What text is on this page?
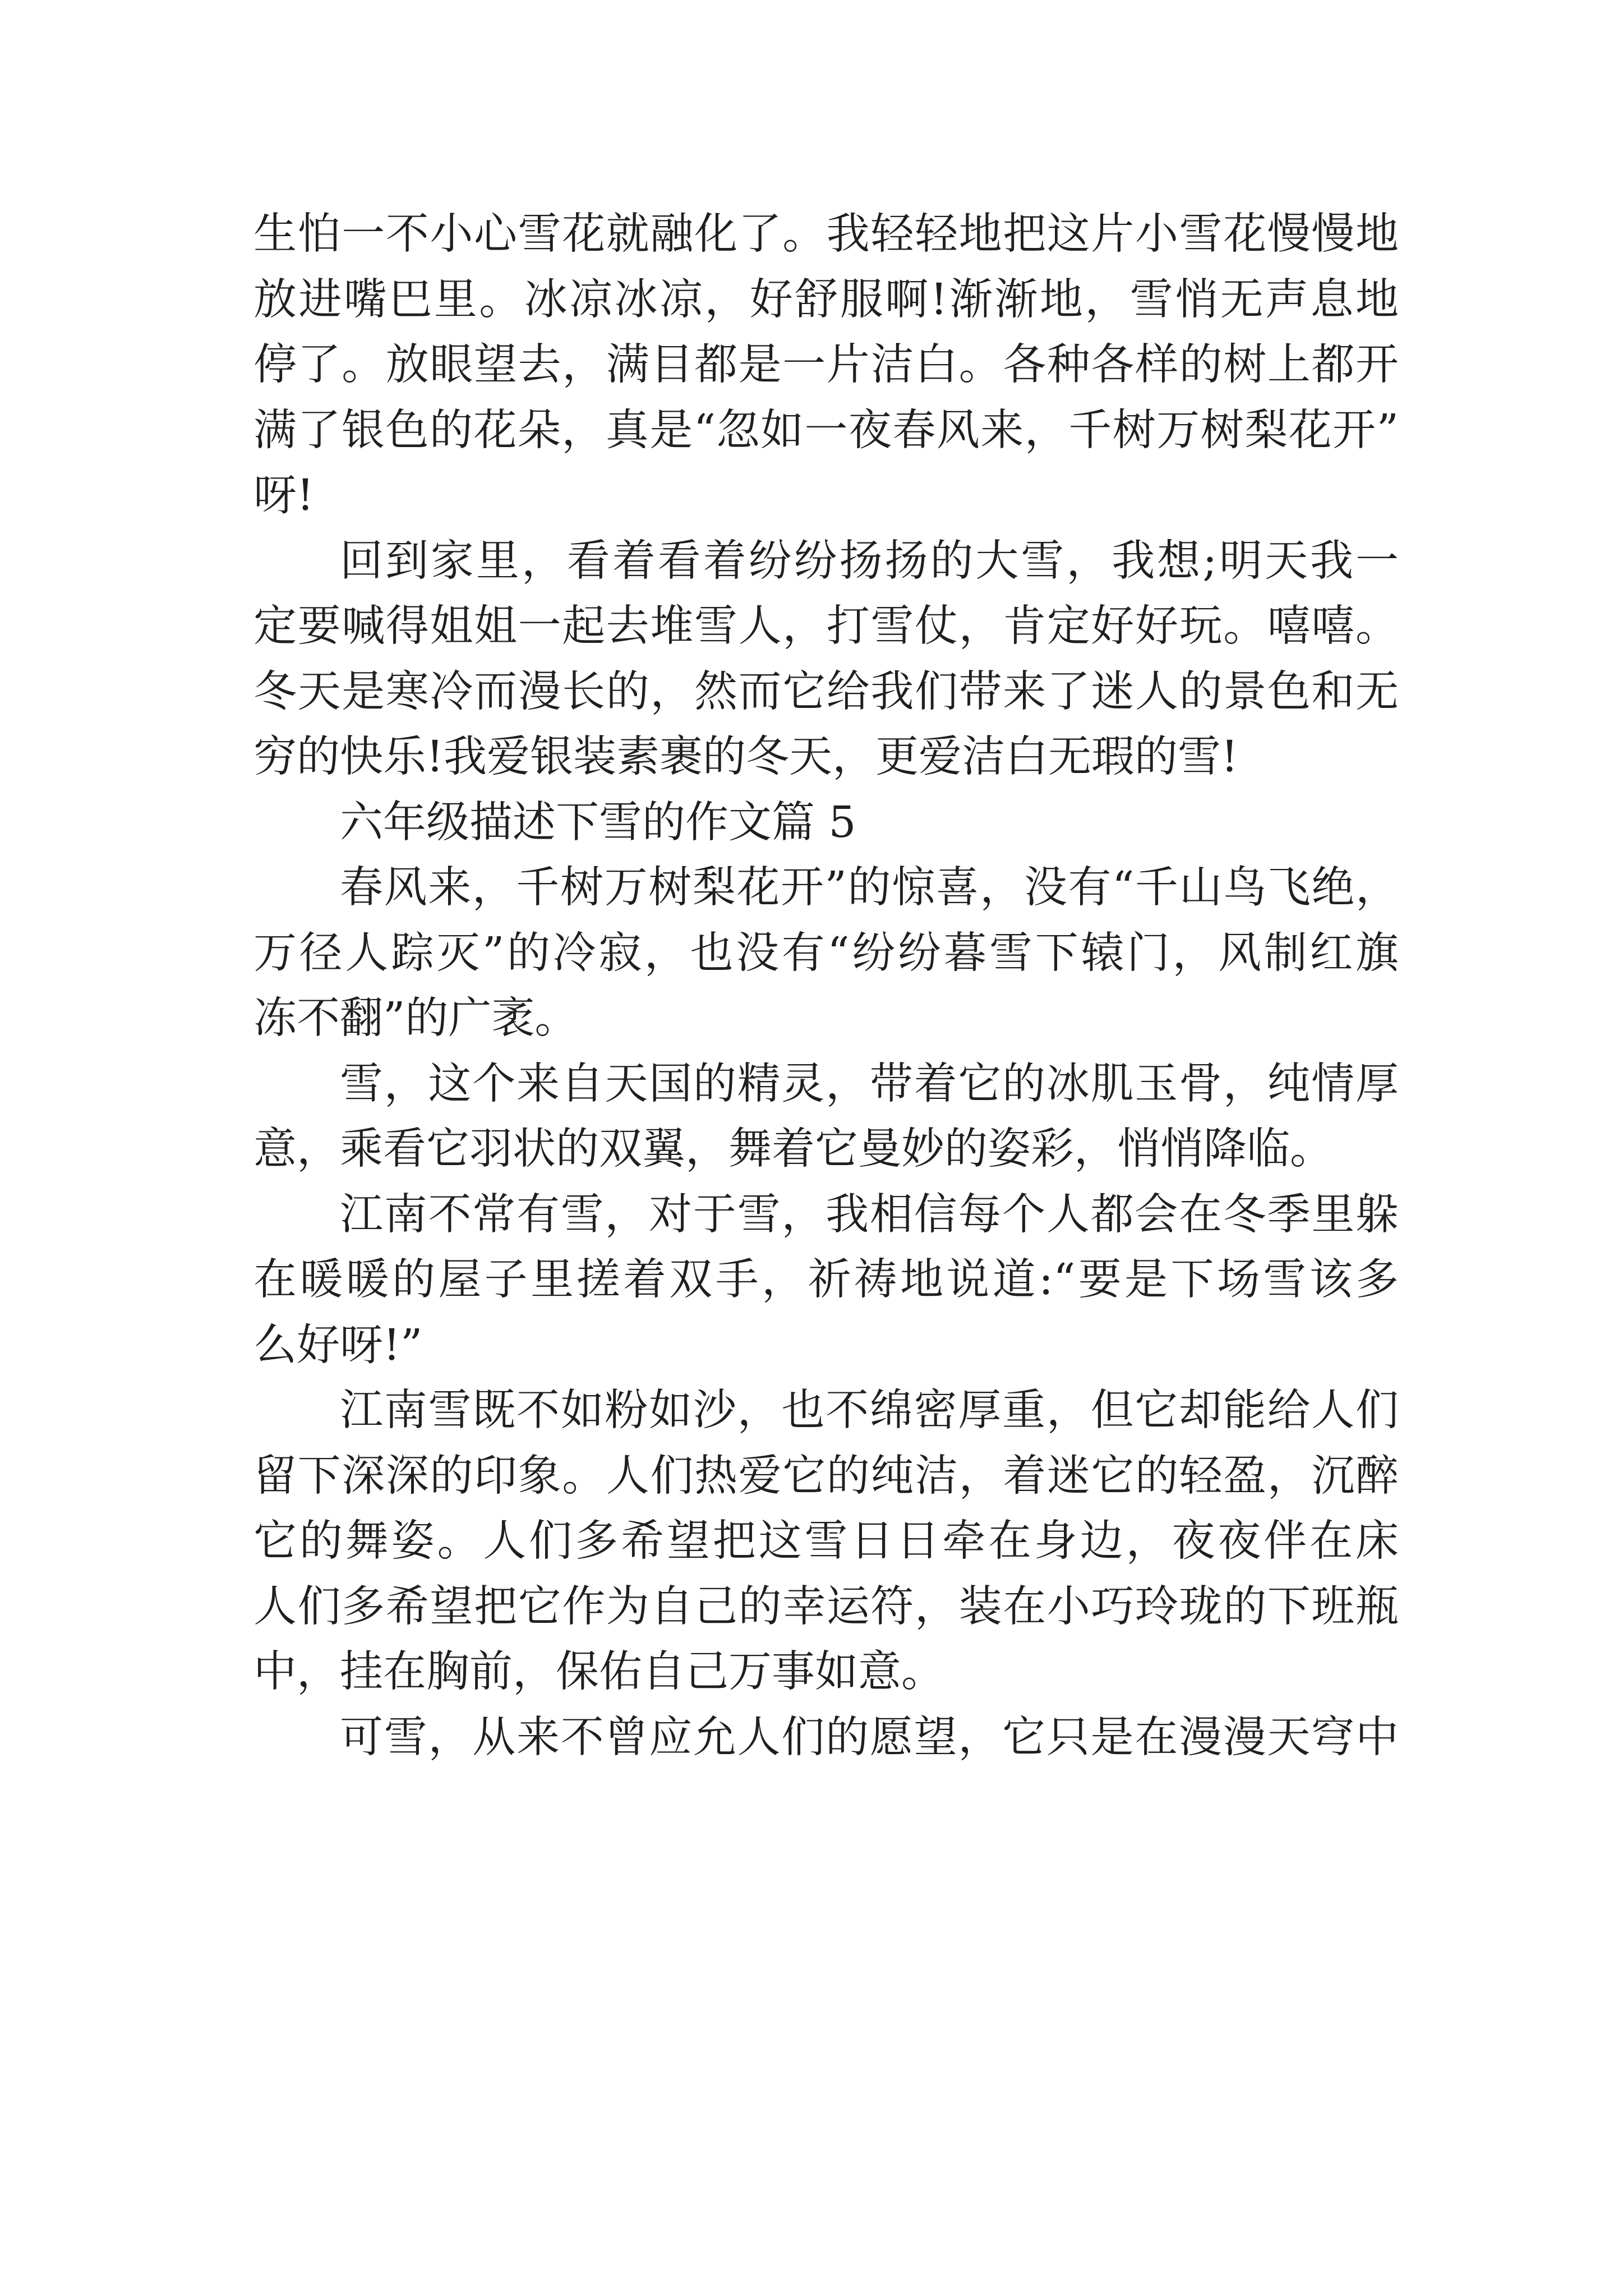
生怕一不小心雪花就融化了。我轻轻地把这片小雪花慢慢地
放进嘴巴里。冰凉冰凉，好舒服啊!渐渐地，雪悄无声息地
停了。放眼望去，满目都是一片洁白。各种各样的树上都开
满了银色的花朵，真是“忽如一夜春风来，千树万树梨花开”
呀!
回到家里，看着看着纷纷扬扬的大雪，我想;明天我一
定要喊得姐姐一起去堆雪人，打雪仗，肯定好好玩。嘻嘻。
冬天是寒冷而漫长的，然而它给我们带来了迷人的景色和无
穷的快乐!我爱银装素裹的冬天，更爱洁白无瑕的雪!
六年级描述下雪的作文篇 5
春风来，千树万树梨花开”的惊喜，没有“千山鸟飞绝，
万径人踪灭”的冷寂，也没有“纷纷暮雪下辕门，风制红旗
冻不翻”的广袤。
雪，这个来自天国的精灵，带着它的冰肌玉骨，纯情厚
意，乘看它羽状的双翼，舞着它曼妙的姿彩，悄悄降临。
江南不常有雪，对于雪，我相信每个人都会在冬季里躲
在暖暖的屋子里搓着双手，祈祷地说道:“要是下场雪该多
么好呀!”
江南雪既不如粉如沙，也不绵密厚重，但它却能给人们
留下深深的印象。人们热爱它的纯洁，着迷它的轻盈，沉醉
它的舞姿。人们多希望把这雪日日牵在身边，夜夜伴在床
人们多希望把它作为自己的幸运符，装在小巧玲珑的下班瓶
中，挂在胸前，保佑自己万事如意。
可雪，从来不曾应允人们的愿望，它只是在漫漫天穹中
